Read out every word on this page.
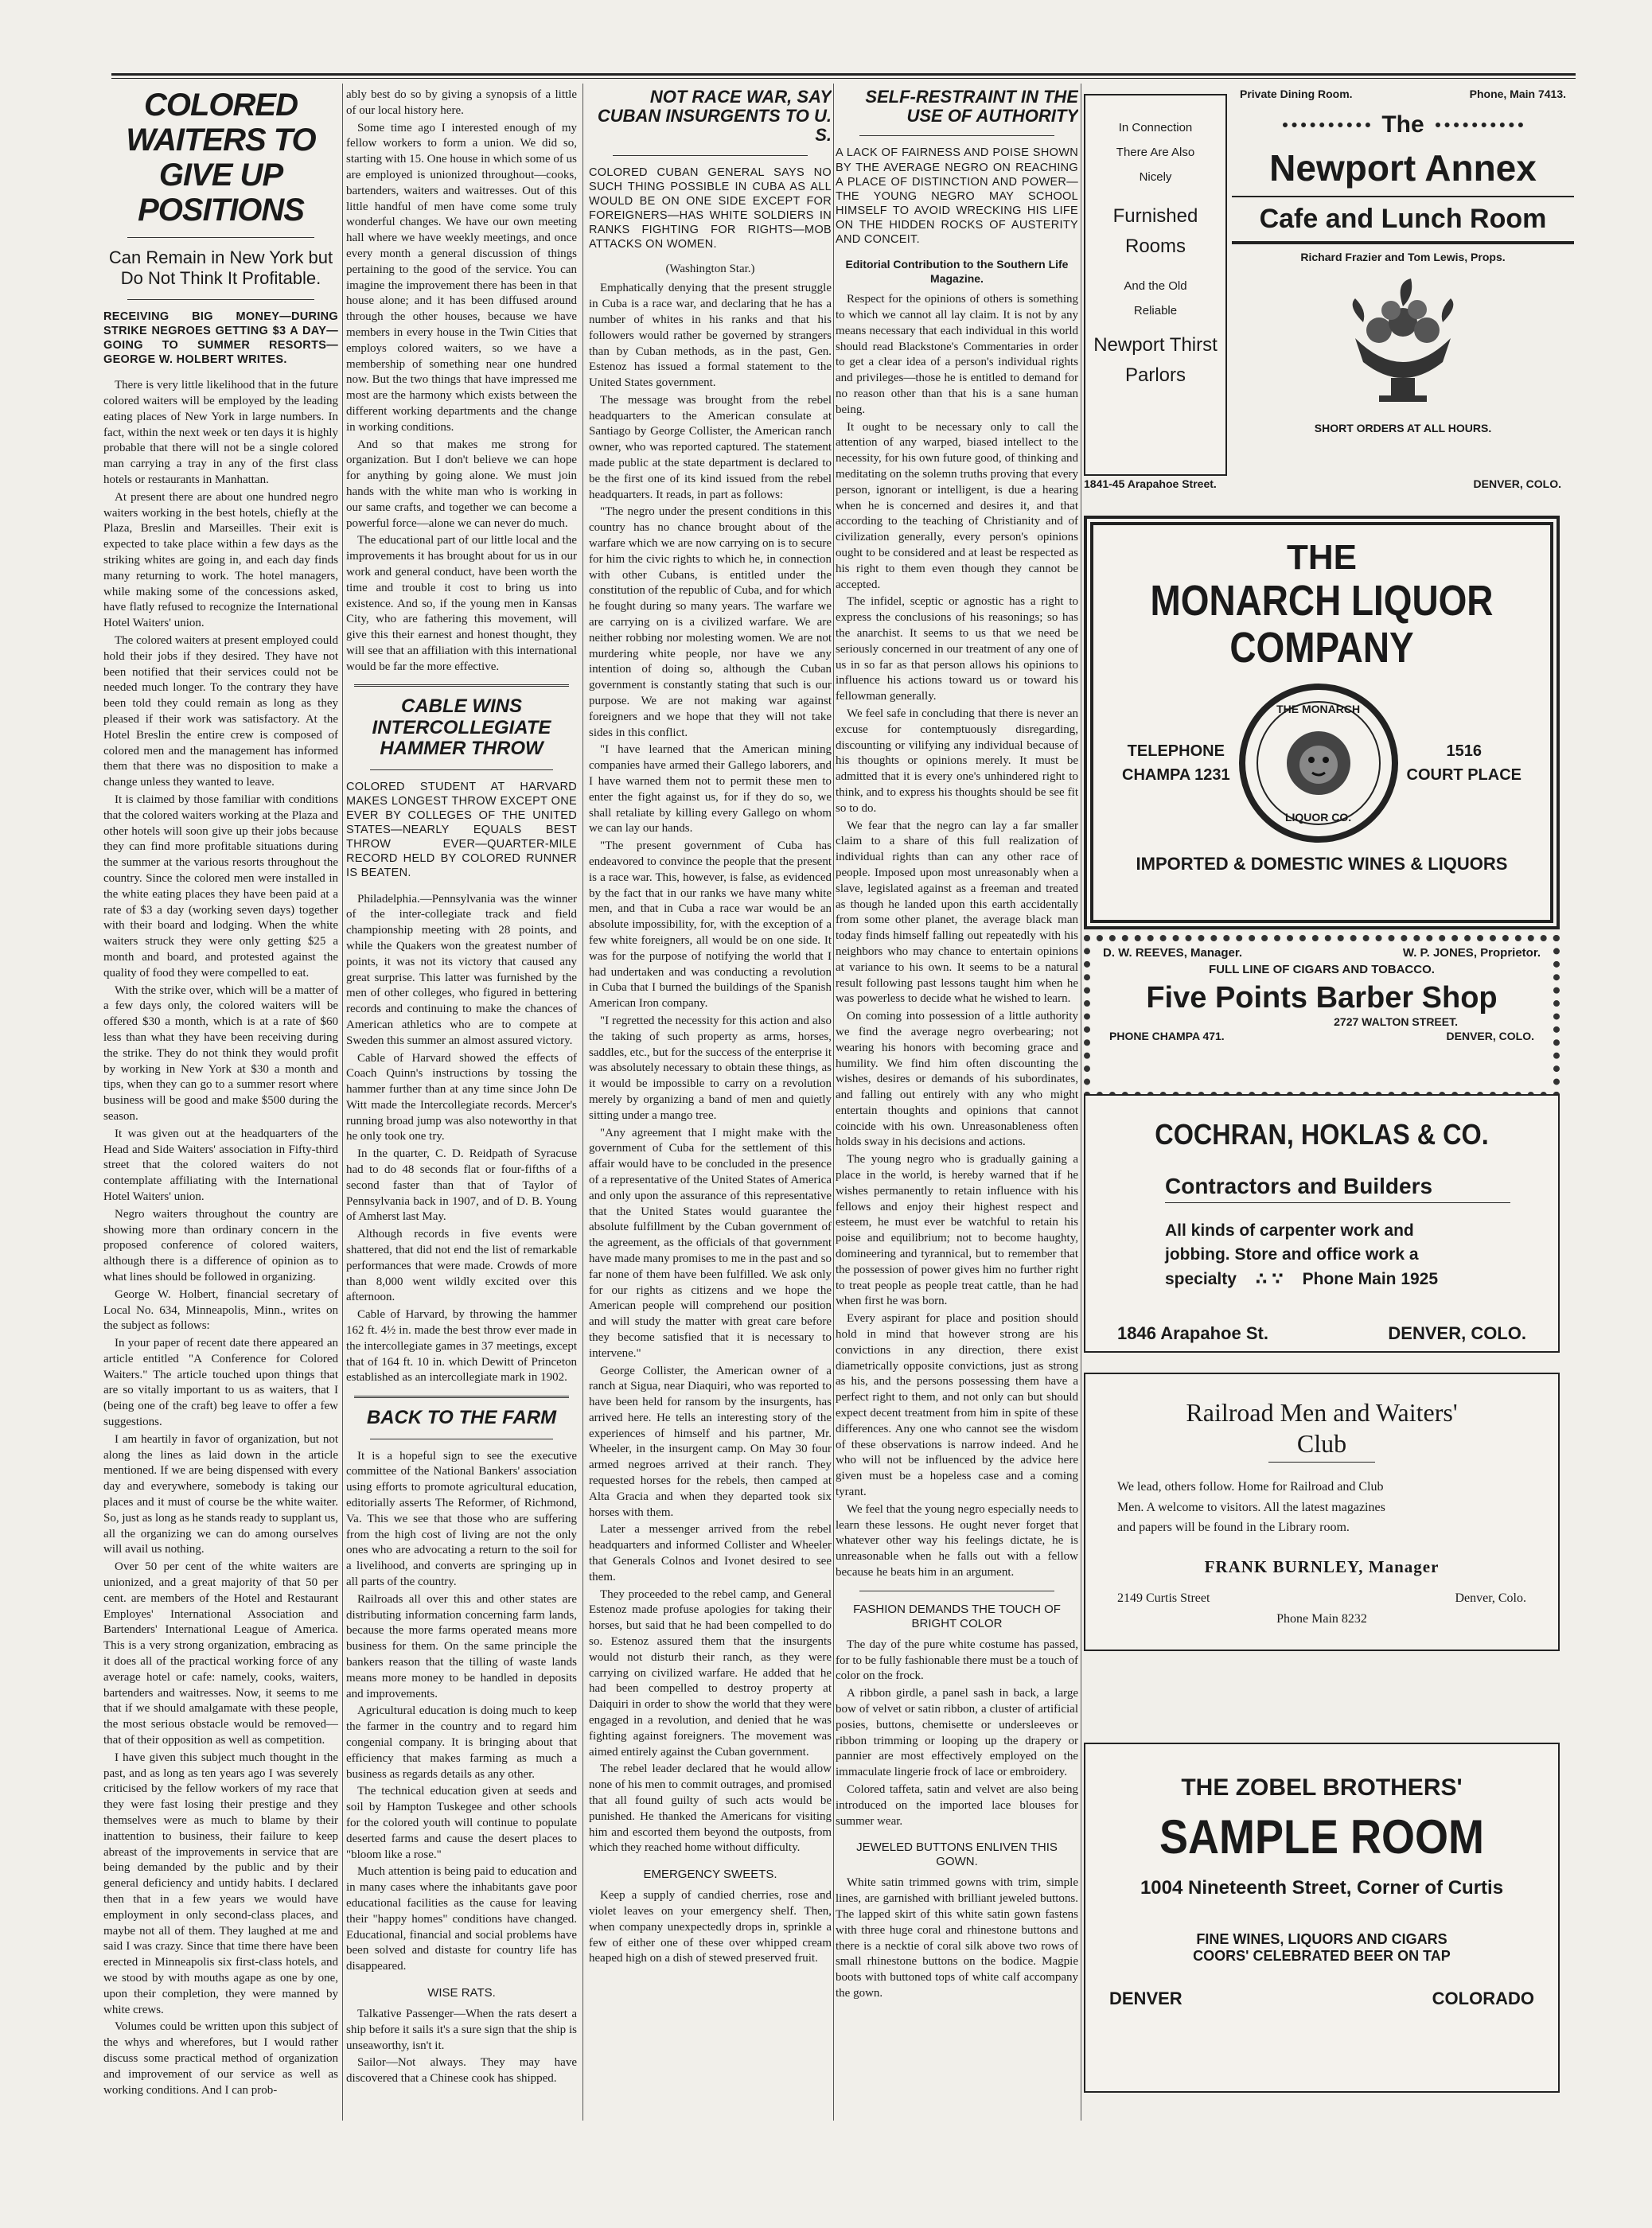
COLORED WAITERS TO GIVE UP POSITIONS
Can Remain in New York but Do Not Think It Profitable.
RECEIVING BIG MONEY—DURING STRIKE NEGROES GETTING $3 A DAY—GOING TO SUMMER RESORTS—GEORGE W. HOLBERT WRITES.

There is very little likelihood that in the future colored waiters will be employed by the leading eating places of New York in large numbers. In fact, within the next week or ten days it is highly probable that there will not be a single colored man carrying a tray in any of the first class hotels or restaurants in Manhattan.

At present there are about one hundred negro waiters working in the best hotels, chiefly at the Plaza, Breslin and Marseilles. Their exit is expected to take place within a few days as the striking whites are going in, and each day finds many returning to work. The hotel managers, while making some of the concessions asked, have flatly refused to recognize the International Hotel Waiters' union.

The colored waiters at present employed could hold their jobs if they desired. They have not been notified that their services could not be needed much longer. To the contrary they have been told they could remain as long as they pleased if their work was satisfactory. At the Hotel Breslin the entire crew is composed of colored men and the management has informed them that there was no disposition to make a change unless they wanted to leave.

It is claimed by those familiar with conditions that the colored waiters working at the Plaza and other hotels will soon give up their jobs because they can find more profitable situations during the summer at the various resorts throughout the country. Since the colored men were installed in the white eating places they have been paid at a rate of $3 a day (working seven days) together with their board and lodging. When the white waiters struck they were only getting $25 a month and board, and protested against the quality of food they were compelled to eat.

With the strike over, which will be a matter of a few days only, the colored waiters will be offered $30 a month, which is at a rate of $60 less than what they have been receiving during the strike. They do not think they would profit by working in New York at $30 a month and tips, when they can go to a summer resort where business will be good and make $500 during the season.

It was given out at the headquarters of the Head and Side Waiters' association in Fifty-third street that the colored waiters do not contemplate affiliating with the International Hotel Waiters' union.

Negro waiters throughout the country are showing more than ordinary concern in the proposed conference of colored waiters, although there is a difference of opinion as to what lines should be followed in organizing.

George W. Holbert, financial secretary of Local No. 634, Minneapolis, Minn., writes on the subject as follows:

In your paper of recent date there appeared an article entitled "A Conference for Colored Waiters." The article touched upon things that are so vitally important to us as waiters, that I (being one of the craft) beg leave to offer a few suggestions.

I am heartily in favor of organization, but not along the lines as laid down in the article mentioned. If we are being dispensed with every day and everywhere, somebody is taking our places and it must of course be the white waiter. So, just as long as he stands ready to supplant us, all the organizing we can do among ourselves will avail us nothing.

Over 50 per cent of the white waiters are unionized, and a great majority of that 50 per cent. are members of the Hotel and Restaurant Employes' International Association and Bartenders' International League of America. This is a very strong organization, embracing as it does all of the practical working force of any average hotel or cafe: namely, cooks, waiters, bartenders and waitresses. Now, it seems to me that if we should amalgamate with these people, the most serious obstacle would be removed—that of their opposition as well as competition.

I have given this subject much thought in the past, and as long as ten years ago I was severely criticised by the fellow workers of my race that they were fast losing their prestige and they themselves were as much to blame by their inattention to business, their failure to keep abreast of the improvements in service that are being demanded by the public and by their general deficiency and untidy habits. I declared then that in a few years we would have employment in only second-class places, and maybe not all of them. They laughed at me and said I was crazy. Since that time there have been erected in Minneapolis six first-class hotels, and we stood by with mouths agape as one by one, upon their completion, they were manned by white crews.

Volumes could be written upon this subject of the whys and wherefores, but I would rather discuss some practical method of organization and improvement of our service as well as working conditions. And I can prob-

ably best do so by giving a synopsis of a little of our local history here.

Some time ago I interested enough of my fellow workers to form a union. We did so, starting with 15. One house in which some of us are employed is unionized throughout—cooks, bartenders, waiters and waitresses. Out of this little handful of men have come some truly wonderful changes. We have our own meeting hall where we have weekly meetings, and once every month a general discussion of things pertaining to the good of the service. You can imagine the improvement there has been in that house alone; and it has been diffused around through the other houses, because we have members in every house in the Twin Cities that employs colored waiters, so we have a membership of something near one hundred now. But the two things that have impressed me most are the harmony which exists between the different working departments and the change in working conditions.

And so that makes me strong for organization. But I don't believe we can hope for anything by going alone. We must join hands with the white man who is working in our same crafts, and together we can become a powerful force—alone we can never do much.

The educational part of our little local and the improvements it has brought about for us in our work and general conduct, have been worth the time and trouble it cost to bring us into existence. And so, if the young men in Kansas City, who are fathering this movement, will give this their earnest and honest thought, they will see that an affiliation with this international would be far the more effective.

CABLE WINS INTERCOLLEGIATE HAMMER THROW
COLORED STUDENT AT HARVARD MAKES LONGEST THROW EXCEPT ONE EVER BY COLLEGES OF THE UNITED STATES—NEARLY EQUALS BEST THROW EVER—QUARTER-MILE RECORD HELD BY COLORED RUNNER IS BEATEN.

Philadelphia.—Pennsylvania was the winner of the inter-collegiate track and field championship meeting with 28 points, and while the Quakers won the greatest number of points, it was not its victory that caused any great surprise. This latter was furnished by the men of other colleges, who figured in bettering records and continuing to make the chances of American athletics who are to compete at Sweden this summer an almost assured victory.

Cable of Harvard showed the effects of Coach Quinn's instructions by tossing the hammer further than at any time since John De Witt made the Intercollegiate records. Mercer's running broad jump was also noteworthy in that he only took one try.

In the quarter, C. D. Reidpath of Syracuse had to do 48 seconds flat or four-fifths of a second faster than that of Taylor of Pennsylvania back in 1907, and of D. B. Young of Amherst last May.

Although records in five events were shattered, that did not end the list of remarkable performances that were made. Crowds of more than 8,000 went wildly excited over this afternoon.

Cable of Harvard, by throwing the hammer 162 ft. 4½ in. made the best throw ever made in the intercollegiate games in 37 meetings, except that of 164 ft. 10 in. which Dewitt of Princeton established as an intercollegiate mark in 1902.

BACK TO THE FARM

It is a hopeful sign to see the executive committee of the National Bankers' association using efforts to promote agricultural education, editorially asserts The Reformer, of Richmond, Va. This we see that those who are suffering from the high cost of living are not the only ones who are advocating a return to the soil for a livelihood, and converts are springing up in all parts of the country.

Railroads all over this and other states are distributing information concerning farm lands, because the more farms operated means more business for them. On the same principle the bankers reason that the tilling of waste lands means more money to be handled in deposits and improvements.

Agricultural education is doing much to keep the farmer in the country and to regard him congenial company. It is bringing about that efficiency that makes farming as much a business as regards details as any other.

The technical education given at seeds and soil by Hampton Tuskegee and other schools for the colored youth will continue to populate deserted farms and cause the desert places to "bloom like a rose."

Much attention is being paid to education and in many cases where the inhabitants gave poor educational facilities as the cause for leaving their "happy homes" conditions have changed. Educational, financial and social problems have been solved and distaste for country life has disappeared.

WISE RATS.

Talkative Passenger—When the rats desert a ship before it sails it's a sure sign that the ship is unseaworthy, isn't it.

Sailor—Not always. They may have discovered that a Chinese cook has shipped.

NOT RACE WAR, SAY CUBAN INSURGENTS TO U. S.
COLORED CUBAN GENERAL SAYS NO SUCH THING POSSIBLE IN CUBA AS ALL WOULD BE ON ONE SIDE EXCEPT FOR FOREIGNERS—HAS WHITE SOLDIERS IN RANKS FIGHTING FOR RIGHTS—MOB ATTACKS ON WOMEN.
(Washington Star.)

Emphatically denying that the present struggle in Cuba is a race war, and declaring that he has a number of whites in his ranks and that his followers would rather be governed by strangers than by Cuban methods, as in the past, Gen. Estenoz has issued a formal statement to the United States government.

The message was brought from the rebel headquarters to the American consulate at Santiago by George Collister, the American ranch owner, who was reported captured. The statement made public at the state department is declared to be the first one of its kind issued from the rebel headquarters. It reads, in part as follows:

"The negro under the present conditions in this country has no chance brought about of the warfare which we are now carrying on is to secure for him the civic rights to which he, in connection with other Cubans, is entitled under the constitution of the republic of Cuba, and for which he fought during so many years. The warfare we are carrying on is a civilized warfare. We are neither robbing nor molesting women. We are not murdering white people, nor have we any intention of doing so, although the Cuban government is constantly stating that such is our purpose. We are not making war against foreigners and we hope that they will not take sides in this conflict.

"I have learned that the American mining companies have armed their Gallego laborers, and I have warned them not to permit these men to enter the fight against us, for if they do so, we shall retaliate by killing every Gallego on whom we can lay our hands.

"The present government of Cuba has endeavored to convince the people that the present is a race war. This, however, is false, as evidenced by the fact that in our ranks we have many white men, and that in Cuba a race war would be an absolute impossibility, for, with the exception of a few white foreigners, all would be on one side. It was for the purpose of notifying the world that I had undertaken and was conducting a revolution in Cuba that I burned the buildings of the Spanish American Iron company.

"I regretted the necessity for this action and also the taking of such property as arms, horses, saddles, etc., but for the success of the enterprise it was absolutely necessary to obtain these things, as it would be impossible to carry on a revolution merely by organizing a band of men and quietly sitting under a mango tree.

"Any agreement that I might make with the government of Cuba for the settlement of this affair would have to be concluded in the presence of a representative of the United States of America and only upon the assurance of this representative that the United States would guarantee the absolute fulfillment by the Cuban government of the agreement, as the officials of that government have made many promises to me in the past and so far none of them have been fulfilled. We ask only for our rights as citizens and we hope the American people will comprehend our position and will study the matter with great care before they become satisfied that it is necessary to intervene."

George Collister, the American owner of a ranch at Sigua, near Diaquiri, who was reported to have been held for ransom by the insurgents, has arrived here. He tells an interesting story of the experiences of himself and his partner, Mr. Wheeler, in the insurgent camp. On May 30 four armed negroes arrived at their ranch. They requested horses for the rebels, then camped at Alta Gracia and when they departed took six horses with them.

Later a messenger arrived from the rebel headquarters and informed Collister and Wheeler that Generals Colnos and Ivonet desired to see them.

They proceeded to the rebel camp, and General Estenoz made profuse apologies for taking their horses, but said that he had been compelled to do so. Estenoz assured them that the insurgents would not disturb their ranch, as they were carrying on civilized warfare. He added that he had been compelled to destroy property at Daiquiri in order to show the world that they were engaged in a revolution, and denied that he was fighting against foreigners. The movement was aimed entirely against the Cuban government.

The rebel leader declared that he would allow none of his men to commit outrages, and promised that all found guilty of such acts would be punished. He thanked the Americans for visiting him and escorted them beyond the outposts, from which they reached home without difficulty.

EMERGENCY SWEETS.

Keep a supply of candied cherries, rose and violet leaves on your emergency shelf. Then, when company unexpectedly drops in, sprinkle a few of either one of these over whipped cream heaped high on a dish of stewed preserved fruit.

SELF-RESTRAINT IN THE USE OF AUTHORITY
A LACK OF FAIRNESS AND POISE SHOWN BY THE AVERAGE NEGRO ON REACHING A PLACE OF DISTINCTION AND POWER—THE YOUNG NEGRO MAY SCHOOL HIMSELF TO AVOID WRECKING HIS LIFE ON THE HIDDEN ROCKS OF AUSTERITY AND CONCEIT.
Editorial Contribution to the Southern Life Magazine.

Respect for the opinions of others is something to which we cannot all lay claim. It is not by any means necessary that each individual in this world should read Blackstone's Commentaries in order to get a clear idea of a person's individual rights and privileges—those he is entitled to demand for no reason other than that his is a sane human being.

It ought to be necessary only to call the attention of any warped, biased intellect to the necessity, for his own future good, of thinking and meditating on the solemn truths proving that every person, ignorant or intelligent, is due a hearing when he is concerned and desires it, and that according to the teaching of Christianity and of civilization generally, every person's opinions ought to be considered and at least be respected as his right to them even though they cannot be accepted.

The infidel, sceptic or agnostic has a right to express the conclusions of his reasonings; so has the anarchist. It seems to us that we need be seriously concerned in our treatment of any one of us in so far as that person allows his opinions to influence his actions toward us or toward his fellowman generally.

We feel safe in concluding that there is never an excuse for contemptuously disregarding, discounting or vilifying any individual because of his thoughts or opinions merely. It must be admitted that it is every one's unhindered right to think, and to express his thoughts should be see fit so to do.

We fear that the negro can lay a far smaller claim to a share of this full realization of individual rights than can any other race of people. Imposed upon most unreasonably when a slave, legislated against as a freeman and treated as though he landed upon this earth accidentally from some other planet, the average black man today finds himself falling out repeatedly with his neighbors who may chance to entertain opinions at variance to his own. It seems to be a natural result following past lessons taught him when he was powerless to decide what he wished to learn.

On coming into possession of a little authority we find the average negro overbearing; not wearing his honors with becoming grace and humility. We find him often discounting the wishes, desires or demands of his subordinates, and falling out entirely with any who might entertain thoughts and opinions that cannot coincide with his own. Unreasonableness often holds sway in his decisions and actions.

The young negro who is gradually gaining a place in the world, is hereby warned that if he wishes permanently to retain influence with his fellows and enjoy their highest respect and esteem, he must ever be watchful to retain his poise and equilibrium; not to become haughty, domineering and tyrannical, but to remember that the possession of power gives him no further right to treat people as people treat cattle, than he had when first he was born.

Every aspirant for place and position should hold in mind that however strong are his convictions in any direction, there exist diametrically opposite convictions, just as strong as his, and the persons possessing them have a perfect right to them, and not only can but should expect decent treatment from him in spite of these differences. Any one who cannot see the wisdom of these observations is narrow indeed. And he who will not be influenced by the advice here given must be a hopeless case and a coming tyrant.

We feel that the young negro especially needs to learn these lessons. He ought never forget that whatever other way his feelings dictate, he is unreasonable when he falls out with a fellow because he beats him in an argument.

FASHION DEMANDS THE TOUCH OF BRIGHT COLOR

The day of the pure white costume has passed, for to be fully fashionable there must be a touch of color on the frock.

A ribbon girdle, a panel sash in back, a large bow of velvet or satin ribbon, a cluster of artificial posies, buttons, chemisette or undersleeves or ribbon trimming or looping up the drapery or pannier are most effectively employed on the immaculate lingerie frock of lace or embroidery.

Colored taffeta, satin and velvet are also being introduced on the imported lace blouses for summer wear.

JEWELED BUTTONS ENLIVEN THIS GOWN.

White satin trimmed gowns with trim, simple lines, are garnished with brilliant jeweled buttons. The lapped skirt of this white satin gown fastens with three huge coral and rhinestone buttons and there is a necktie of coral silk above two rows of small rhinestone buttons on the bodice. Magpie boots with buttoned tops of white calf accompany the gown.

In Connection
There Are Also
Nicely
Furnished
Rooms
And the Old
Reliable
Newport Thirst
Parlors
Private Dining Room.	Phone, Main 7413.
The
Newport Annex
Cafe and Lunch Room
Richard Frazier and Tom Lewis, Props.
SHORT ORDERS AT ALL HOURS.
1841-45 Arapahoe Street.	DENVER, COLO.
THE
MONARCH LIQUOR
COMPANY
TELEPHONE
CHAMPA 1231
THE MONARCH
LIQUOR CO.
1516
COURT PLACE
IMPORTED & DOMESTIC WINES & LIQUORS
D. W. REEVES, Manager.	W. P. JONES, Proprietor.
FULL LINE OF CIGARS AND TOBACCO.
Five Points Barber Shop
2727 WALTON STREET.
PHONE CHAMPA 471.	DENVER, COLO.
COCHRAN, HOKLAS & CO.
Contractors and Builders
All kinds of carpenter work and
jobbing. Store and office work a
specialty ∴ ∵ Phone Main 1925
1846 Arapahoe St.	DENVER, COLO.
Railroad Men and Waiters'
Club
We lead, others follow. Home for Railroad and Club
Men. A welcome to visitors. All the latest magazines
and papers will be found in the Library room.
FRANK BURNLEY, Manager
2149 Curtis Street	Denver, Colo.
Phone Main 8232
THE ZOBEL BROTHERS'
SAMPLE ROOM
1004 Nineteenth Street, Corner of Curtis
FINE WINES, LIQUORS AND CIGARS
COORS' CELEBRATED BEER ON TAP
DENVER	COLORADO
